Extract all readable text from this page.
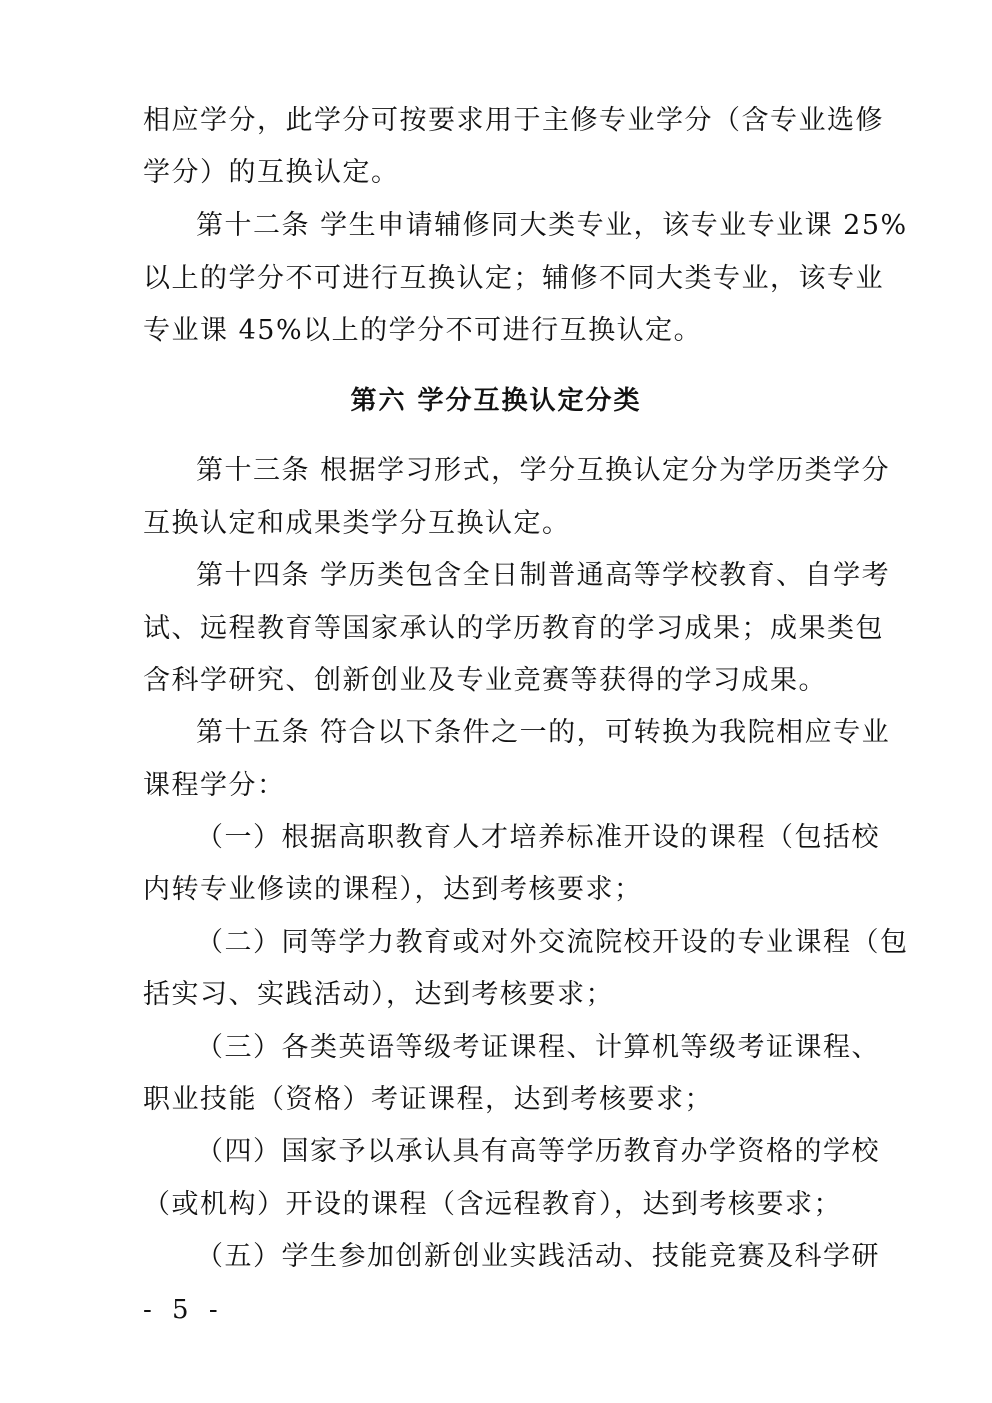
相应学分，此学分可按要求用于主修专业学分（含专业选修
学分）的互换认定。
第十二条 学生申请辅修同大类专业，该专业专业课 25%
以上的学分不可进行互换认定；辅修不同大类专业，该专业
专业课 45%以上的学分不可进行互换认定。
第六 学分互换认定分类
第十三条 根据学习形式，学分互换认定分为学历类学分
互换认定和成果类学分互换认定。
第十四条 学历类包含全日制普通高等学校教育、自学考
试、远程教育等国家承认的学历教育的学习成果；成果类包
含科学研究、创新创业及专业竞赛等获得的学习成果。
第十五条 符合以下条件之一的，可转换为我院相应专业
课程学分：
（一）根据高职教育人才培养标准开设的课程（包括校
内转专业修读的课程），达到考核要求；
（二）同等学力教育或对外交流院校开设的专业课程（包
括实习、实践活动），达到考核要求；
（三）各类英语等级考证课程、计算机等级考证课程、
职业技能（资格）考证课程，达到考核要求；
（四）国家予以承认具有高等学历教育办学资格的学校
（或机构）开设的课程（含远程教育），达到考核要求；
（五）学生参加创新创业实践活动、技能竞赛及科学研
- 5 -
